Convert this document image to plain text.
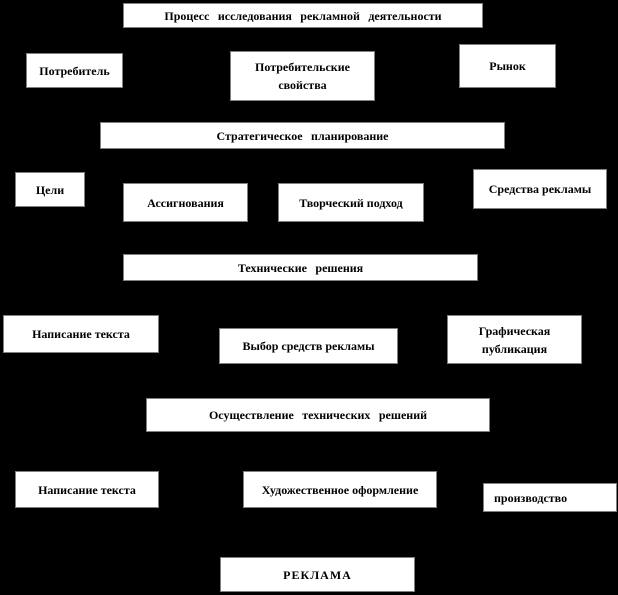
Процесс исследования рекламной деятельности
Потребитель	Потребительские
свойства
Рынок
Стратегическое планирование
Цели
Ассигнования	Творческий подход
Средства рекламы
Технические решения
Написание текста
Выбор средств рекламы
Графическая
публикация
Осуществление технических решений
Написание текста	Художественное оформление
производство
РЕКЛАМА
